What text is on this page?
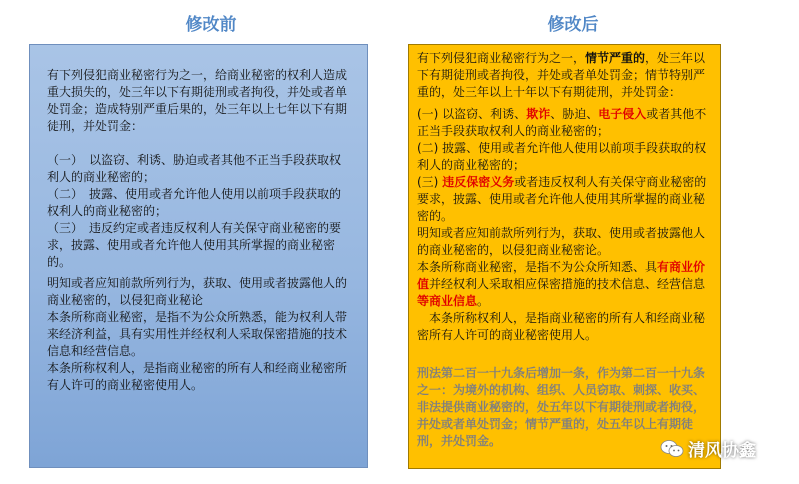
修改前	修改后

有下列侵犯商业秘密行为之一，给商业秘密的权利人造成重大损失的，处三年以下有期徒刑或者拘役，并处或者单处罚金；造成特别严重后果的，处三年以上七年以下有期徒刑，并处罚金：

（一）　以盗窃、利诱、胁迫或者其他不正当手段获取权利人的商业秘密的；

（二）　披露、使用或者允许他人使用以前项手段获取的权利人的商业秘密的；

（三）　违反约定或者违反权利人有关保守商业秘密的要求，披露、使用或者允许他人使用其所掌握的商业秘密的。

明知或者应知前款所列行为，获取、使用或者披露他人的商业秘密的，以侵犯商业秘论

本条所称商业秘密，是指不为公众所熟悉，能为权利人带来经济利益，具有实用性并经权利人采取保密措施的技术信息和经营信息。

本条所称权利人，是指商业秘密的所有人和经商业秘密所有人许可的商业秘密使用人。

有下列侵犯商业秘密行为之一，情节严重的，处三年以下有期徒刑或者拘役，并处或者单处罚金；情节特别严重的，处三年以上十年以下有期徒刑，并处罚金：

(一) 以盗窃、利诱、欺诈、胁迫、电子侵入或者其他不正当手段获取权利人的商业秘密的；

(二) 披露、使用或者允许他人使用以前项手段获取的权利人的商业秘密的；

(三) 违反保密义务或者违反权利人有关保守商业秘密的要求，披露、使用或者允许他人使用其所掌握的商业秘密的。

明知或者应知前款所列行为，获取、使用或者披露他人的商业秘密的，以侵犯商业秘密论。

本条所称商业秘密，是指不为公众所知悉、具有商业价值并经权利人采取相应保密措施的技术信息、经营信息等商业信息。

　本条所称权利人，是指商业秘密的所有人和经商业秘密所有人许可的商业秘密使用人。

刑法第二百一十九条后增加一条，作为第二百一十九条之一：为境外的机构、组织、人员窃取、刺探、收买、非法提供商业秘密的，处五年以下有期徒刑或者拘役，并处或者单处罚金；情节严重的，处五年以上有期徒刑，并处罚金。	清风协鑫
